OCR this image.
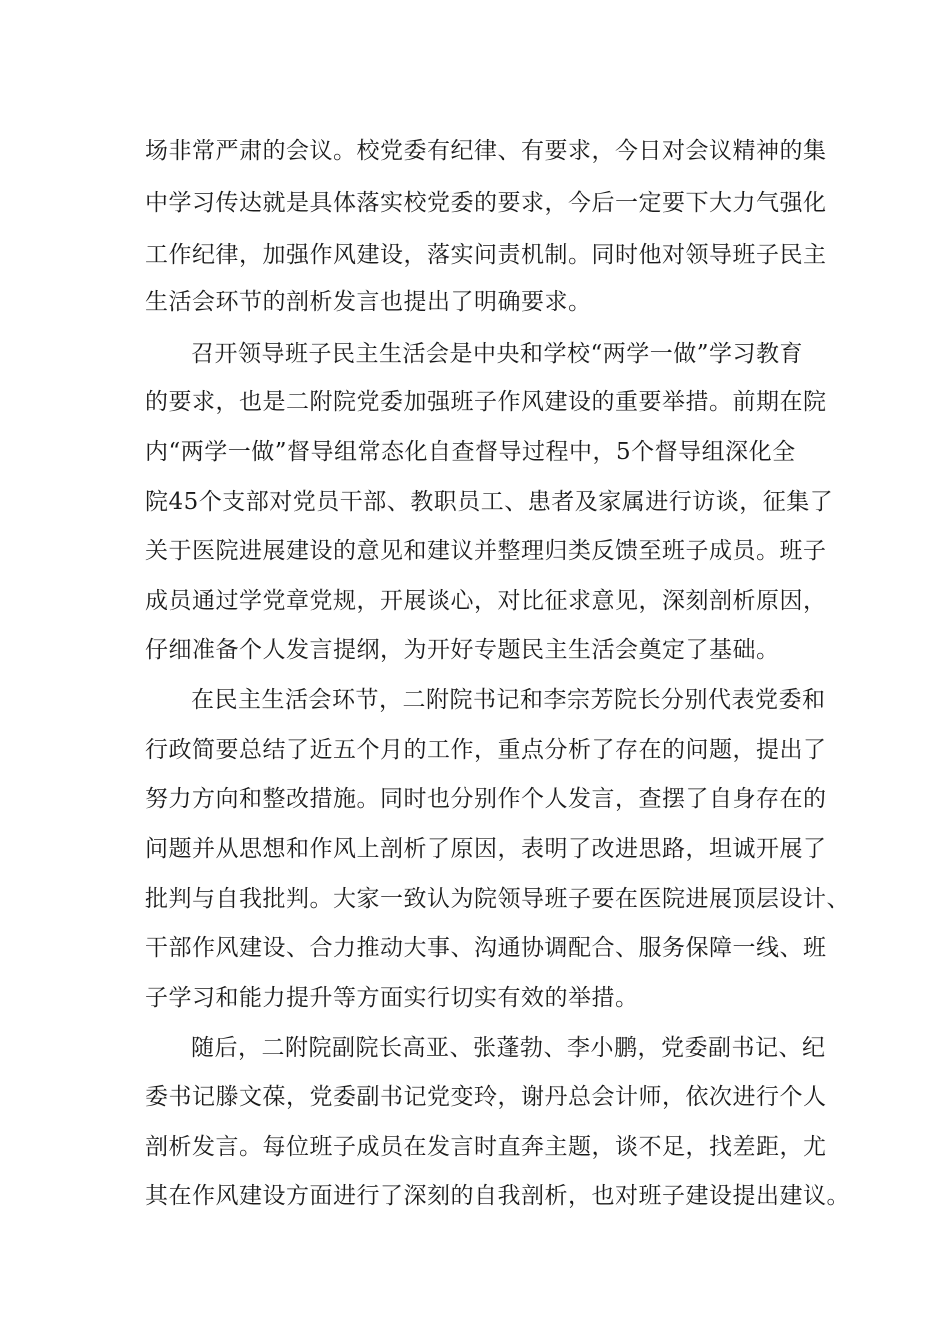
场非常严肃的会议。校党委有纪律、有要求，今日对会议精神的集
中学习传达就是具体落实校党委的要求，今后一定要下大力气强化
工作纪律，加强作风建设，落实问责机制。同时他对领导班子民主
生活会环节的剖析发言也提出了明确要求。
召开领导班子民主生活会是中央和学校“两学一做”学习教育
的要求，也是二附院党委加强班子作风建设的重要举措。前期在院
内“两学一做”督导组常态化自查督导过程中，5个督导组深化全
院45个支部对党员干部、教职员工、患者及家属进行访谈，征集了
关于医院进展建设的意见和建议并整理归类反馈至班子成员。班子
成员通过学党章党规，开展谈心，对比征求意见，深刻剖析原因，
仔细准备个人发言提纲，为开好专题民主生活会奠定了基础。
在民主生活会环节，二附院书记和李宗芳院长分别代表党委和
行政简要总结了近五个月的工作，重点分析了存在的问题，提出了
努力方向和整改措施。同时也分别作个人发言，查摆了自身存在的
问题并从思想和作风上剖析了原因，表明了改进思路，坦诚开展了
批判与自我批判。大家一致认为院领导班子要在医院进展顶层设计、
干部作风建设、合力推动大事、沟通协调配合、服务保障一线、班
子学习和能力提升等方面实行切实有效的举措。
随后，二附院副院长高亚、张蓬勃、李小鹏，党委副书记、纪
委书记滕文葆，党委副书记党变玲，谢丹总会计师，依次进行个人
剖析发言。每位班子成员在发言时直奔主题，谈不足，找差距，尤
其在作风建设方面进行了深刻的自我剖析，也对班子建设提出建议。
